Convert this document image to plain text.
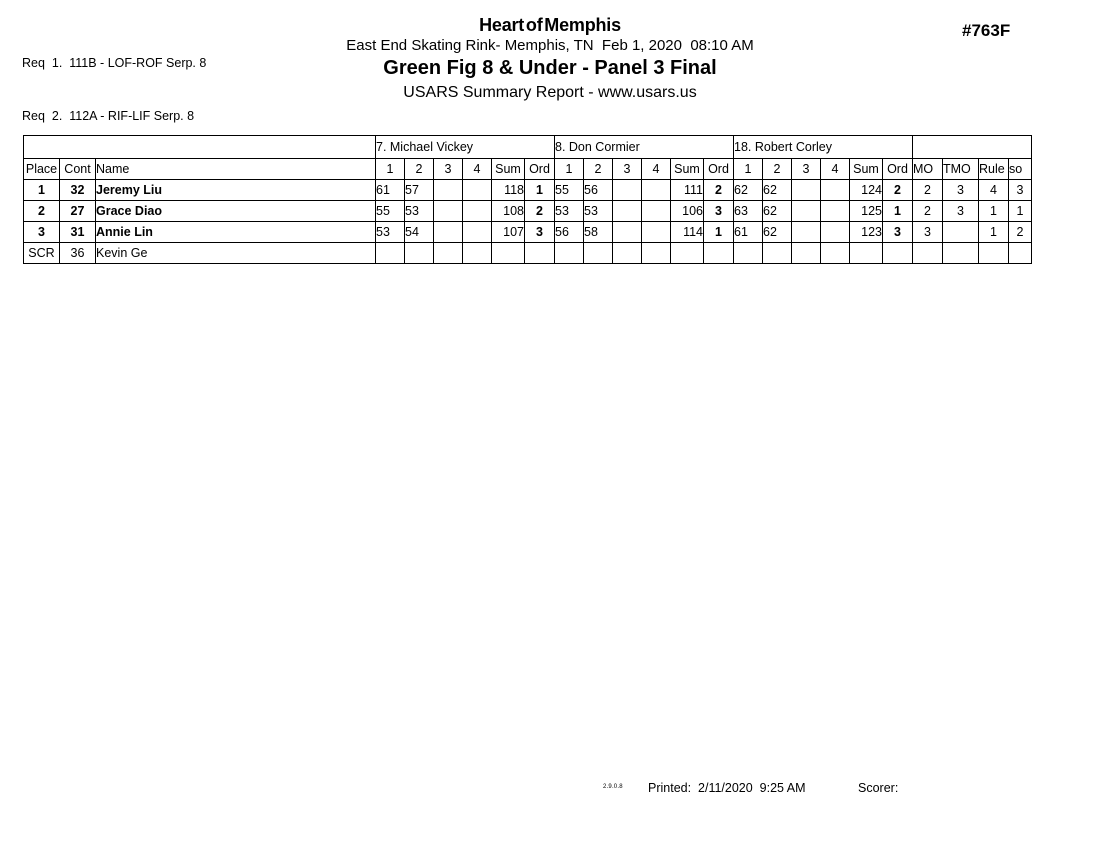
Req  1.  111B - LOF-ROF Serp. 8

Req  2.  112A - RIF-LIF Serp. 8

Heart of Memphis
East End Skating Rink- Memphis, TN  Feb 1, 2020  08:10 AM
Green Fig 8 & Under - Panel 3 Final
USARS Summary Report - www.usars.us
#763F
			7. Michael Vickey						8. Don Cormier						18. Robert Corley									
Place	Cont	Name	1	2	3	4	Sum	Ord	1	2	3	4	Sum	Ord	1	2	3	4	Sum	Ord	MO	TMO	Rule	so
1	32	Jeremy Liu	61	57			118	1	55	56			111	2	62	62			124	2	2	3	4	3
2	27	Grace Diao	55	53			108	2	53	53			106	3	63	62			125	1	2	3	1	1
3	31	Annie Lin	53	54			107	3	56	58			114	1	61	62			123	3	3		1	2
SCR	36	Kevin Ge																						
2.9.0.8 Printed:  2/11/2020  9:25 AM	Scorer:
